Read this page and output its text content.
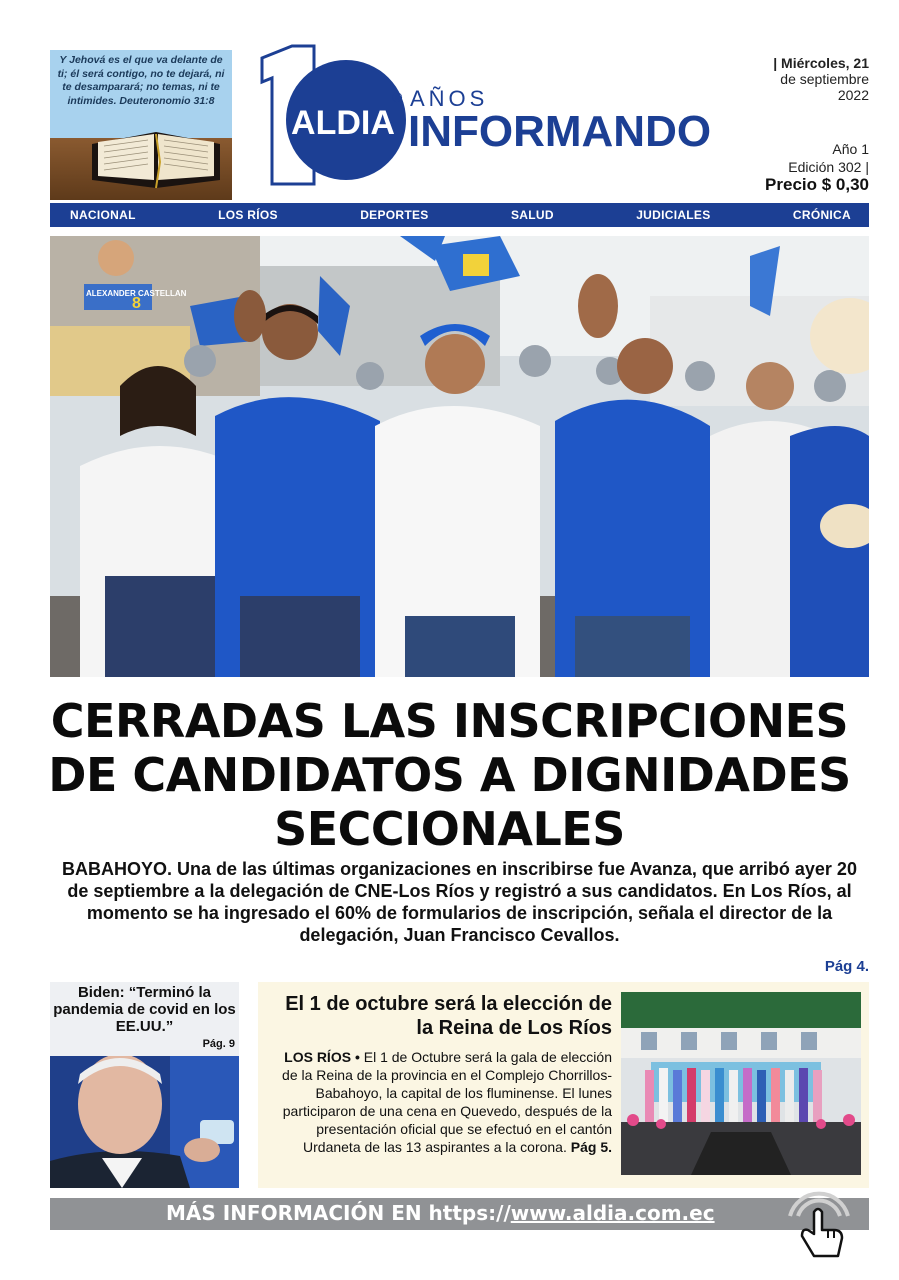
Y Jehová es el que va delante de ti; él será contigo, no te dejará, ni te desamparará; no temas, ni te intimides. Deuteronomio 31:8
ALDIA
® AÑOS
INFORMANDO
| Miércoles, 21
de septiembre
2022
Año 1
Edición 302 |
Precio $ 0,30
NACIONAL	LOS RÍOS	DEPORTES	SALUD	JUDICIALES	CRÓNICA
ALEXANDER CASTELLAN
8
CERRADAS LAS INSCRIPCIONES
DE CANDIDATOS A DIGNIDADES
SECCIONALES
BABAHOYO. Una de las últimas organizaciones en inscribirse fue Avanza, que arribó ayer 20 de septiembre a la delegación de CNE-Los Ríos y registró a sus candidatos. En Los Ríos, al momento se ha ingresado el 60% de formularios de inscripción, señala el director de la delegación, Juan Francisco Cevallos.
Pág 4.
Biden: “Terminó la pandemia de covid en los EE.UU.”
Pág. 9
El 1 de octubre será la elección de la Reina de Los Ríos
LOS RÍOS • El 1 de Octubre será la gala de elección de la Reina de la provincia en el Complejo Chorrillos-Babahoyo, la capital de los fluminense. El lunes participaron de una cena en Quevedo, después de la presentación oficial que se efectuó en el cantón Urdaneta de las 13 aspirantes a la corona. Pág 5.
MÁS INFORMACIÓN EN https://www.aldia.com.ec
